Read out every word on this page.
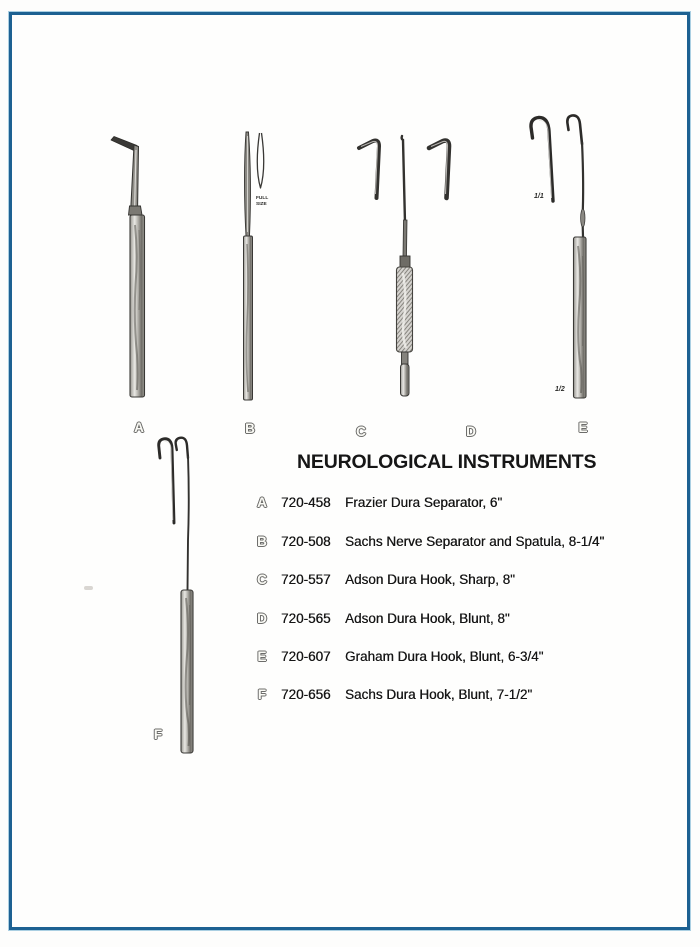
FULL SIZE
1/1
1/2
A	B	C	D	E
F
NEUROLOGICAL INSTRUMENTS
A	720-458 Frazier Dura Separator, 6"
B	720-508 Sachs Nerve Separator and Spatula, 8-1/4"
C	720-557 Adson Dura Hook, Sharp, 8"
D	720-565 Adson Dura Hook, Blunt, 8"
E	720-607 Graham Dura Hook, Blunt, 6-3/4"
F	720-656 Sachs Dura Hook, Blunt, 7-1/2"
